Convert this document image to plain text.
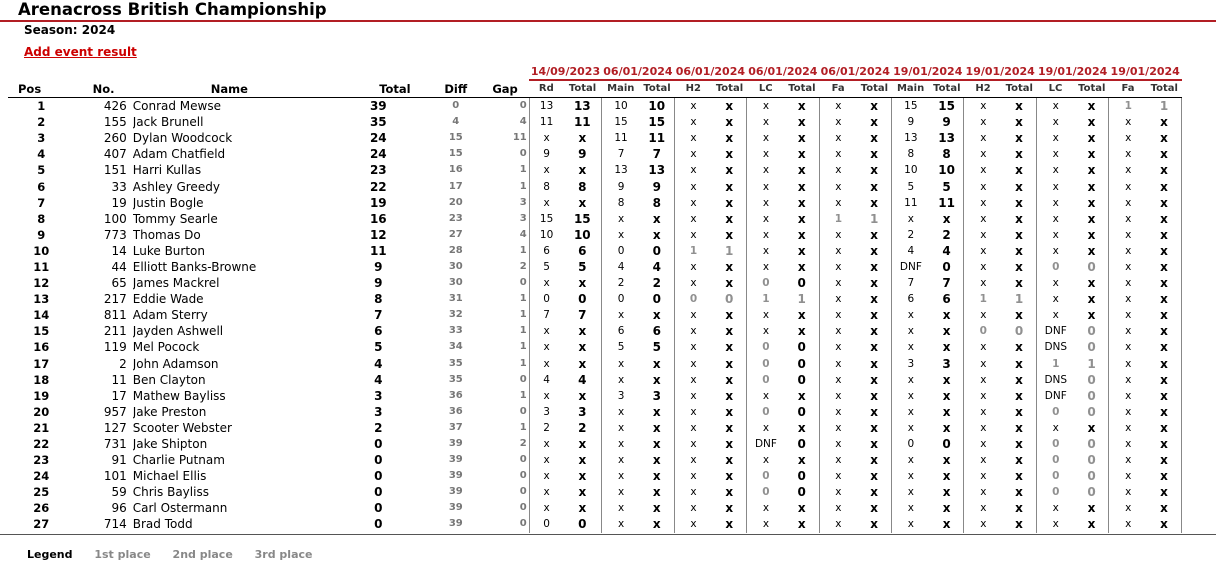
Arenacross British Championship
Season: 2024
Add event result
						14/09/2023		06/01/2024		06/01/2024		06/01/2024		06/01/2024		19/01/2024		19/01/2024		19/01/2024		19/01/2024	
Pos	No.	Name	Total	Diff	Gap	Rd	Total	Main	Total	H2	Total	LC	Total	Fa	Total	Main	Total	H2	Total	LC	Total	Fa	Total
1	426	Conrad Mewse	39	0	0	13	13	10	10	x	x	x	x	x	x	15	15	x	x	x	x	1	1
2	155	Jack Brunell	35	4	4	11	11	15	15	x	x	x	x	x	x	9	9	x	x	x	x	x	x
3	260	Dylan Woodcock	24	15	11	x	x	11	11	x	x	x	x	x	x	13	13	x	x	x	x	x	x
4	407	Adam Chatfield	24	15	0	9	9	7	7	x	x	x	x	x	x	8	8	x	x	x	x	x	x
5	151	Harri Kullas	23	16	1	x	x	13	13	x	x	x	x	x	x	10	10	x	x	x	x	x	x
6	33	Ashley Greedy	22	17	1	8	8	9	9	x	x	x	x	x	x	5	5	x	x	x	x	x	x
7	19	Justin Bogle	19	20	3	x	x	8	8	x	x	x	x	x	x	11	11	x	x	x	x	x	x
8	100	Tommy Searle	16	23	3	15	15	x	x	x	x	x	x	1	1	x	x	x	x	x	x	x	x
9	773	Thomas Do	12	27	4	10	10	x	x	x	x	x	x	x	x	2	2	x	x	x	x	x	x
10	14	Luke Burton	11	28	1	6	6	0	0	1	1	x	x	x	x	4	4	x	x	x	x	x	x
11	44	Elliott Banks-Browne	9	30	2	5	5	4	4	x	x	x	x	x	x	DNF	0	x	x	0	0	x	x
12	65	James Mackrel	9	30	0	x	x	2	2	x	x	0	0	x	x	7	7	x	x	x	x	x	x
13	217	Eddie Wade	8	31	1	0	0	0	0	0	0	1	1	x	x	6	6	1	1	x	x	x	x
14	811	Adam Sterry	7	32	1	7	7	x	x	x	x	x	x	x	x	x	x	x	x	x	x	x	x
15	211	Jayden Ashwell	6	33	1	x	x	6	6	x	x	x	x	x	x	x	x	0	0	DNF	0	x	x
16	119	Mel Pocock	5	34	1	x	x	5	5	x	x	0	0	x	x	x	x	x	x	DNS	0	x	x
17	2	John Adamson	4	35	1	x	x	x	x	x	x	0	0	x	x	3	3	x	x	1	1	x	x
18	11	Ben Clayton	4	35	0	4	4	x	x	x	x	0	0	x	x	x	x	x	x	DNS	0	x	x
19	17	Mathew Bayliss	3	36	1	x	x	3	3	x	x	x	x	x	x	x	x	x	x	DNF	0	x	x
20	957	Jake Preston	3	36	0	3	3	x	x	x	x	0	0	x	x	x	x	x	x	0	0	x	x
21	127	Scooter Webster	2	37	1	2	2	x	x	x	x	x	x	x	x	x	x	x	x	x	x	x	x
22	731	Jake Shipton	0	39	2	x	x	x	x	x	x	DNF	0	x	x	0	0	x	x	0	0	x	x
23	91	Charlie Putnam	0	39	0	x	x	x	x	x	x	x	x	x	x	x	x	x	x	0	0	x	x
24	101	Michael Ellis	0	39	0	x	x	x	x	x	x	0	0	x	x	x	x	x	x	0	0	x	x
25	59	Chris Bayliss	0	39	0	x	x	x	x	x	x	0	0	x	x	x	x	x	x	0	0	x	x
26	96	Carl Ostermann	0	39	0	x	x	x	x	x	x	x	x	x	x	x	x	x	x	x	x	x	x
27	714	Brad Todd	0	39	0	0	0	x	x	x	x	x	x	x	x	x	x	x	x	x	x	x	x
Legend 1st place 2nd place 3rd place
